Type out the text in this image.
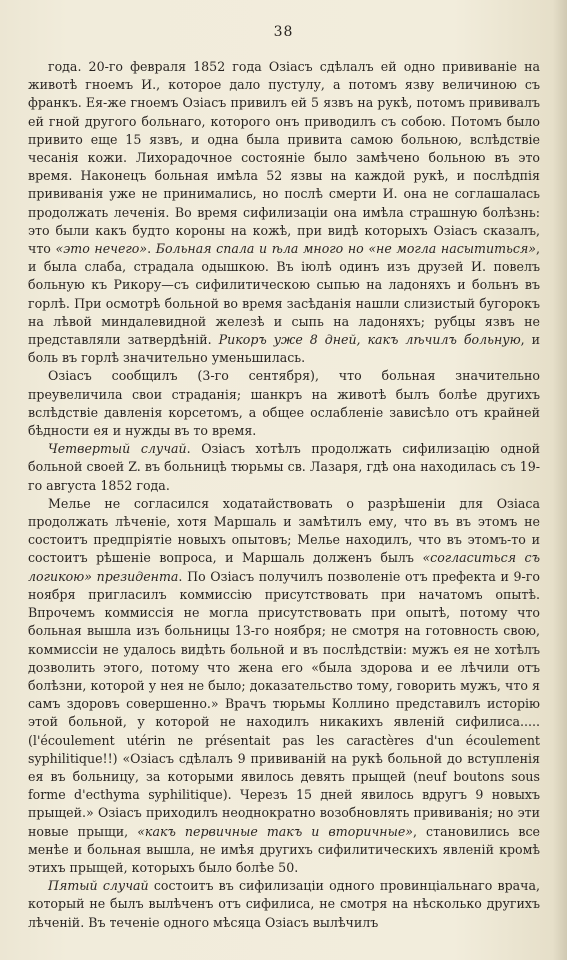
38

года. 20-го февраля 1852 года Озіасъ сдѣлалъ ей одно прививаніе на животѣ гноемъ И., которое дало пустулу, а потомъ язву величиною съ франкъ. Ея-же гноемъ Озіасъ привилъ ей 5 язвъ на рукѣ, потомъ прививалъ ей гной другого больнаго, которого онъ приводилъ съ собою. Потомъ было привито еще 15 язвъ, и одна была привита самою больною, вслѣдствіе чесанія кожи. Лихорадочное состояніе было замѣчено больною въ это время. Наконецъ больная имѣла 52 язвы на каждой рукѣ, и послѣдпія прививанія уже не принимались, но послѣ смерти И. она не соглашалась продолжать леченія. Во время сифилизаціи она имѣла страшную болѣзнь: это были какъ будто короны на кожѣ, при видѣ которыхъ Озіасъ сказалъ, что «это нечего». Больная спала и ѣла много но «не могла насытиться», и была слаба, страдала одышкою. Въ іюлѣ одинъ изъ друзей И. повелъ больную къ Рикору—съ сифилитическою сыпью на ладоняхъ и больнъ въ горлѣ. При осмотрѣ больной во время засѣданія нашли слизистый бугорокъ на лѣвой миндалевидной железѣ и сыпь на ладоняхъ; рубцы язвъ не представляли затвердѣній. Рикоръ уже 8 дней, какъ лѣчилъ больную, и боль въ горлѣ значительно уменьшилась.

Озіасъ сообщилъ (3-го сентября), что больная значительно преувеличила свои страданія; шанкръ на животѣ былъ болѣе другихъ вслѣдствіе давленія корсетомъ, а общее ослабленіе зависѣло отъ крайней бѣдности ея и нужды въ то время.

Четвертый случай. Озіасъ хотѣлъ продолжать сифилизацію одной больной своей Z. въ больницѣ тюрьмы св. Лазаря, гдѣ она находилась съ 19-го августа 1852 года.

Мелье не согласился ходатайствовать о разрѣшеніи для Озіаса продолжать лѣченіе, хотя Маршаль и замѣтилъ ему, что въ въ этомъ не состоитъ предпріятіе новыхъ опытовъ; Мелье находилъ, что въ этомъ-то и состоитъ рѣшеніе вопроса, и Маршаль долженъ былъ «согласиться съ логикою» президента. По Озіасъ получилъ позволеніе отъ префекта и 9-го ноября пригласилъ коммиссію присутствовать при начатомъ опытѣ. Впрочемъ коммиссія не могла присутствовать при опытѣ, потому что больная вышла изъ больницы 13-го ноября; не смотря на готовность свою, коммиссіи не удалось видѣть больной и въ послѣдствіи: мужъ ея не хотѣлъ дозволить этого, потому что жена его «была здорова и ее лѣчили отъ болѣзни, которой у нея не было; доказательство тому, говорить мужъ, что я самъ здоровъ совершенно.» Врачъ тюрьмы Коллино представилъ исторію этой больной, у которой не находилъ никакихъ явленій сифилиса..... (l'écoulement utérin ne présentait pas les caractères d'un écoulement syphilitique!!) «Озіасъ сдѣлалъ 9 прививаній на рукѣ больной до вступленія ея въ больницу, за которыми явилось девять прыщей (neuf boutons sous forme d'ecthyma syphilitique). Черезъ 15 дней явилось вдругъ 9 новыхъ прыщей.» Озіасъ приходилъ неоднократно возобновлять прививанія; но эти новые прыщи, «какъ первичные такъ и вторичные», становились все менѣе и больная вышла, не имѣя другихъ сифилитическихъ явленій кромѣ этихъ прыщей, которыхъ было болѣе 50.

Пятый случай состоитъ въ сифилизаціи одного провинціальнаго врача, который не былъ вылѣченъ отъ сифилиса, не смотря на нѣсколько другихъ лѣченій. Въ теченіе одного мѣсяца Озіасъ вылѣчилъ
